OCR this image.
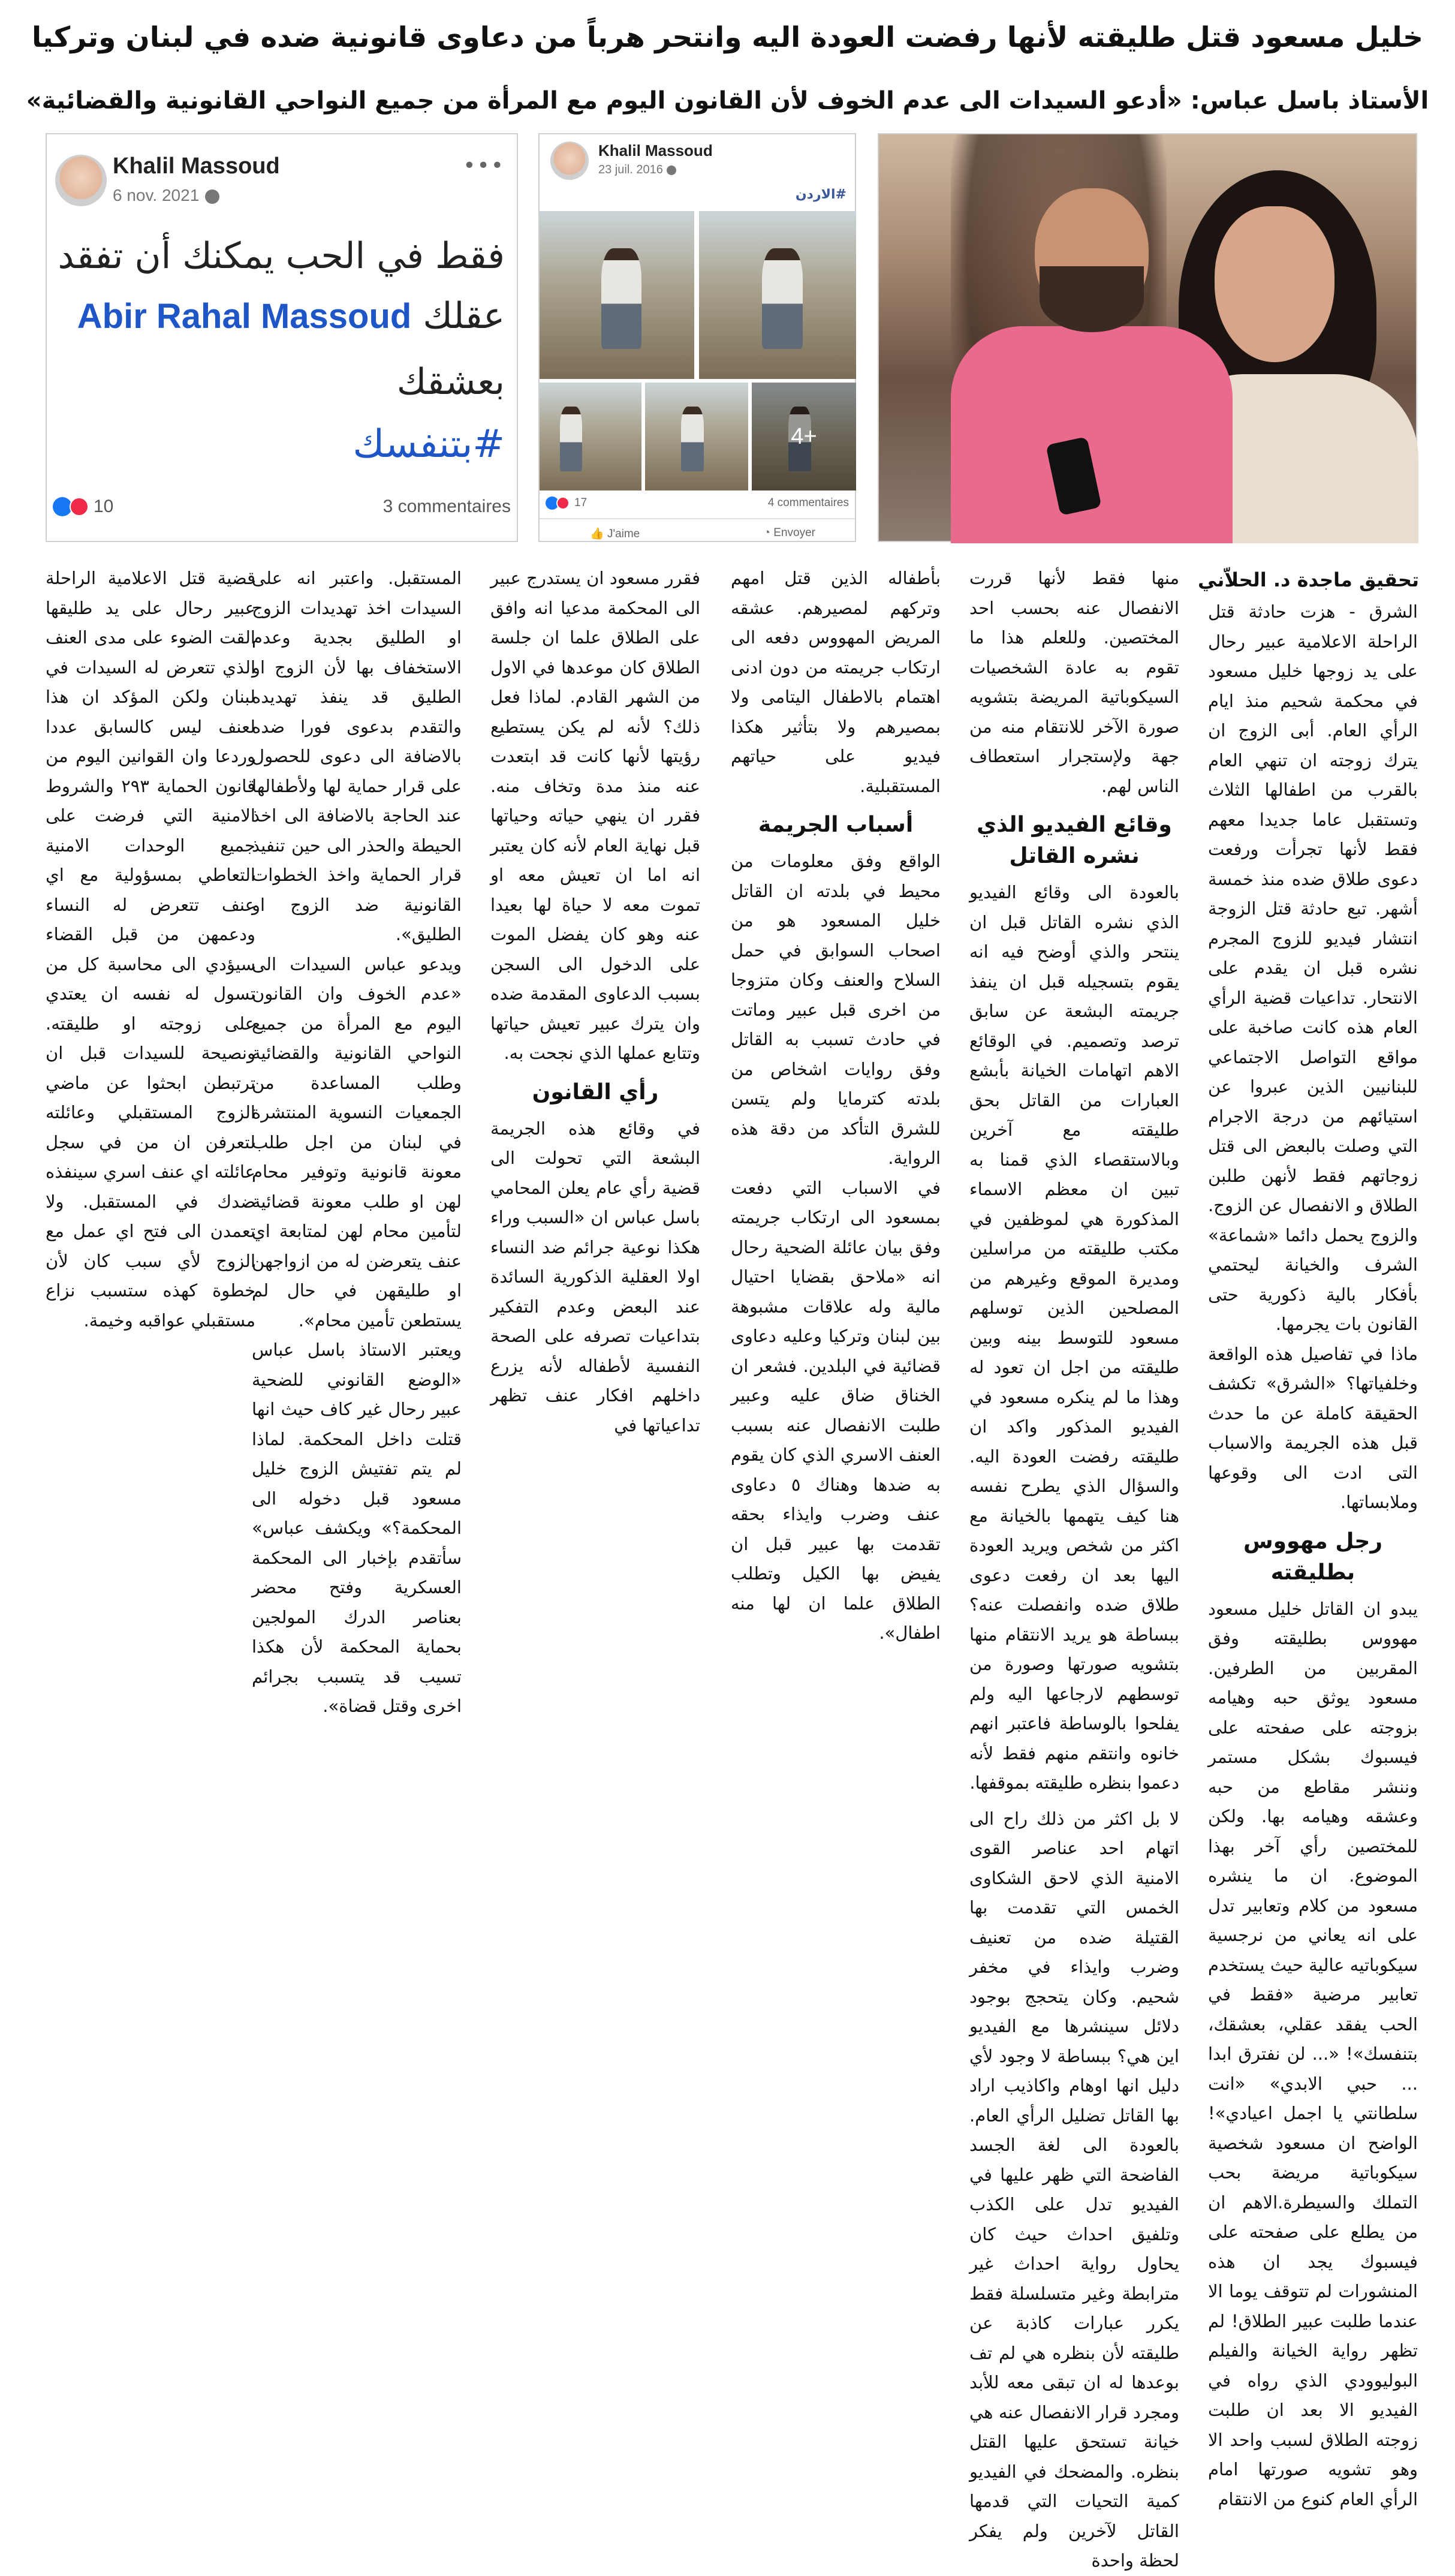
خليل مسعود قتل طليقته لأنها رفضت العودة اليه وانتحر هرباً من دعاوى قانونية ضده في لبنان وتركيا
الأستاذ باسل عباس: «أدعو السيدات الى عدم الخوف لأن القانون اليوم مع المرأة من جميع النواحي القانونية والقضائية»
Khalil Massoud
23 juil. 2016
#الاردن
+4
17	4 commentaires
👍 J'aime	◔ Envoyer
Khalil Massoud
6 nov. 2021
•••
فقط في الحب يمكنك أن تفقد
عقلك Abir Rahal Massoud
بعشقك
#بتنفسك
10	3 commentaires
تحقيق ماجدة د. الحلاّني

الشرق - هزت حادثة قتل الراحلة الاعلامية عبير رحال على يد زوجها خليل مسعود في محكمة شحيم منذ ايام الرأي العام. أبى الزوج ان يترك زوجته ان تنهي العام بالقرب من اطفالها الثلاث وتستقبل عاما جديدا معهم فقط لأنها تجرأت ورفعت دعوى طلاق ضده منذ خمسة أشهر. تبع حادثة قتل الزوجة انتشار فيديو للزوج المجرم نشره قبل ان يقدم على الانتحار. تداعيات قضية الرأي العام هذه كانت صاخبة على مواقع التواصل الاجتماعي للبنانيين الذين عبروا عن استيائهم من درجة الاجرام التي وصلت بالبعض الى قتل زوجاتهم فقط لأنهن طلبن الطلاق و الانفصال عن الزوج. والزوج يحمل دائما «شماعة» الشرف والخيانة ليحتمي بأفكار بالية ذكورية حتى القانون بات يجرمها.

ماذا في تفاصيل هذه الواقعة وخلفياتها؟ «الشرق» تكشف الحقيقة كاملة عن ما حدث قبل هذه الجريمة والاسباب التى ادت الى وقوعها وملابساتها.

رجل مهووس بطليقته

يبدو ان القاتل خليل مسعود مهووس بطليقته وفق المقربين من الطرفين. مسعود يوثق حبه وهيامه بزوجته على صفحته على فيسبوك بشكل مستمر وننشر مقاطع من حبه وعشقه وهيامه بها. ولكن للمختصين رأي آخر بهذا الموضوع. ان ما ينشره مسعود من كلام وتعابير تدل على انه يعاني من نرجسية سيكوباتيه عالية حيث يستخدم تعابير مرضية «فقط في الحب يفقد عقلي، بعشقك، بتنفسك»! «... لن نفترق ابدا ... حبي الابدي» «انت سلطانتي يا اجمل اعيادي»! الواضح ان مسعود شخصية سيكوباتية مريضة بحب التملك والسيطرة.الاهم ان من يطلع على صفحته على فيسبوك يجد ان هذه المنشورات لم تتوقف يوما الا عندما طلبت عبير الطلاق! لم تظهر رواية الخيانة والفيلم البوليوودي الذي رواه في الفيديو الا بعد ان طلبت زوجته الطلاق لسبب واحد الا وهو تشويه صورتها امام الرأي العام كنوع من الانتقام

منها فقط لأنها قررت الانفصال عنه بحسب احد المختصين. وللعلم هذا ما تقوم به عادة الشخصيات السيكوباتية المريضة بتشويه صورة الآخر للانتقام منه من جهة ولإستجرار استعطاف الناس لهم.

وقائع الفيديو الذي نشره القاتل

بالعودة الى وقائع الفيديو الذي نشره القاتل قبل ان ينتحر والذي أوضح فيه انه يقوم بتسجيله قبل ان ينفذ جريمته البشعة عن سابق ترصد وتصميم. في الوقائع الاهم اتهامات الخيانة بأبشع العبارات من القاتل بحق طليقته مع آخرين وبالاستقصاء الذي قمنا به تبين ان معظم الاسماء المذكورة هي لموظفين في مكتب طليقته من مراسلين ومديرة الموقع وغيرهم من المصلحين الذين توسلهم مسعود للتوسط بينه وبين طليقته من اجل ان تعود له وهذا ما لم ينكره مسعود في الفيديو المذكور واكد ان طليقته رفضت العودة اليه. والسؤال الذي يطرح نفسه هنا كيف يتهمها بالخيانة مع اكثر من شخص ويريد العودة اليها بعد ان رفعت دعوى طلاق ضده وانفصلت عنه؟ ببساطة هو يريد الانتقام منها بتشويه صورتها وصورة من توسطهم لارجاعها اليه ولم يفلحوا بالوساطة فاعتبر انهم خانوه وانتقم منهم فقط لأنه دعموا بنظره طليقته بموقفها.

لا بل اكثر من ذلك راح الى اتهام احد عناصر القوى الامنية الذي لاحق الشكاوى الخمس التي تقدمت بها القتيلة ضده من تعنيف وضرب وايذاء في مخفر شحيم. وكان يتحجج بوجود دلائل سينشرها مع الفيديو اين هي؟ ببساطة لا وجود لأي دليل انها اوهام واكاذيب اراد بها القاتل تضليل الرأي العام. بالعودة الى لغة الجسد الفاضحة التي ظهر عليها في الفيديو تدل على الكذب وتلفيق احداث حيث كان يحاول رواية احداث غير مترابطة وغير متسلسلة فقط يكرر عبارات كاذبة عن طليقته لأن بنظره هي لم تف بوعدها له ان تبقى معه للأبد ومجرد قرار الانفصال عنه هي خيانة تستحق عليها القتل بنظره. والمضحك في الفيديو كمية التحيات التي قدمها القاتل لآخرين ولم يفكر لحظة واحدة

بأطفاله الذين قتل امهم وتركهم لمصيرهم. عشقه المريض المهووس دفعه الى ارتكاب جريمته من دون ادنى اهتمام بالاطفال اليتامى ولا بمصيرهم ولا بتأثير هكذا فيديو على حياتهم المستقبلية.

أسباب الجريمة

الواقع وفق معلومات من محيط في بلدته ان القاتل خليل المسعود هو من اصحاب السوابق في حمل السلاح والعنف وكان متزوجا من اخرى قبل عبير وماتت في حادث تسبب به القاتل وفق روايات اشخاص من بلدته كترمايا ولم يتسن للشرق التأكد من دقة هذه الرواية.

في الاسباب التي دفعت بمسعود الى ارتكاب جريمته وفق بيان عائلة الضحية رحال انه «ملاحق بقضايا احتيال مالية وله علاقات مشبوهة بين لبنان وتركيا وعليه دعاوى قضائية في البلدين. فشعر ان الخناق ضاق عليه وعبير طلبت الانفصال عنه بسبب العنف الاسري الذي كان يقوم به ضدها وهناك ٥ دعاوى عنف وضرب وايذاء بحقه تقدمت بها عبير قبل ان يفيض بها الكيل وتطلب الطلاق علما ان لها منه اطفال».

فقرر مسعود ان يستدرج عبير الى المحكمة مدعيا انه وافق على الطلاق علما ان جلسة الطلاق كان موعدها في الاول من الشهر القادم. لماذا فعل ذلك؟ لأنه لم يكن يستطيع رؤيتها لأنها كانت قد ابتعدت عنه منذ مدة وتخاف منه. فقرر ان ينهي حياته وحياتها قبل نهاية العام لأنه كان يعتبر انه اما ان تعيش معه او تموت معه لا حياة لها بعيدا عنه وهو كان يفضل الموت على الدخول الى السجن بسبب الدعاوى المقدمة ضده وان يترك عبير تعيش حياتها وتتابع عملها الذي نجحت به.

رأي القانون

في وقائع هذه الجريمة البشعة التي تحولت الى قضية رأي عام يعلن المحامي باسل عباس ان «السبب وراء هكذا نوعية جرائم ضد النساء اولا العقلية الذكورية السائدة عند البعض وعدم التفكير بتداعيات تصرفه على الصحة النفسية لأطفاله لأنه يزرع داخلهم افكار عنف تظهر تداعياتها في

المستقبل. واعتبر انه على السيدات اخذ تهديدات الزوج او الطليق بجدية وعدم الاستخفاف بها لأن الزوج او الطليق قد ينفذ تهديده والتقدم بدعوى فورا ضده بالاضافة الى دعوى للحصول على قرار حماية لها ولأطفالها عند الحاجة بالاضافة الى اخذ الحيطة والحذر الى حين تنفيذ قرار الحماية واخذ الخطوات القانونية ضد الزوج او الطليق».

ويدعو عباس السيدات الى «عدم الخوف وان القانون اليوم مع المرأة من جميع النواحي القانونية والقضائية وطلب المساعدة من الجمعيات النسوية المنتشرة في لبنان من اجل طلب معونة قانونية وتوفير محام لهن او طلب معونة قضائية لتأمين محام لهن لمتابعة اي عنف يتعرضن له من ازواجهن او طليقهن في حال لم يستطعن تأمين محام».

ويعتبر الاستاذ باسل عباس «الوضع القانوني للضحية عبير رحال غير كاف حيث انها قتلت داخل المحكمة. لماذا لم يتم تفتيش الزوج خليل مسعود قبل دخوله الى المحكمة؟» ويكشف عباس» سأتقدم بإخبار الى المحكمة العسكرية وفتح محضر بعناصر الدرك المولجين بحماية المحكمة لأن هكذا تسيب قد يتسبب بجرائم اخرى وقتل قضاة».

قضية قتل الاعلامية الراحلة عبير رحال على يد طليقها القت الضوء على مدى العنف الذي تتعرض له السيدات في لبنان ولكن المؤكد ان هذا لعنف ليس كالسابق عددا وردعا وان القوانين اليوم من قانون الحماية ٢٩٣ والشروط الامنية التي فرضت على جميع الوحدات الامنية التعاطي بمسؤولية مع اي عنف تتعرض له النساء ودعمهن من قبل القضاء سيؤدي الى محاسبة كل من تسول له نفسه ان يعتدي على زوجته او طليقته. ونصيحة للسيدات قبل ان ترتبطن ابحثوا عن ماضي الزوج المستقبلي وعائلته لتعرفن ان من في سجل عائلته اي عنف اسري سينفذه ضدك في المستقبل. ولا تعمدن الى فتح اي عمل مع الزوج لأي سبب كان لأن خطوة كهذه ستسبب نزاع مستقبلي عواقبه وخيمة.
